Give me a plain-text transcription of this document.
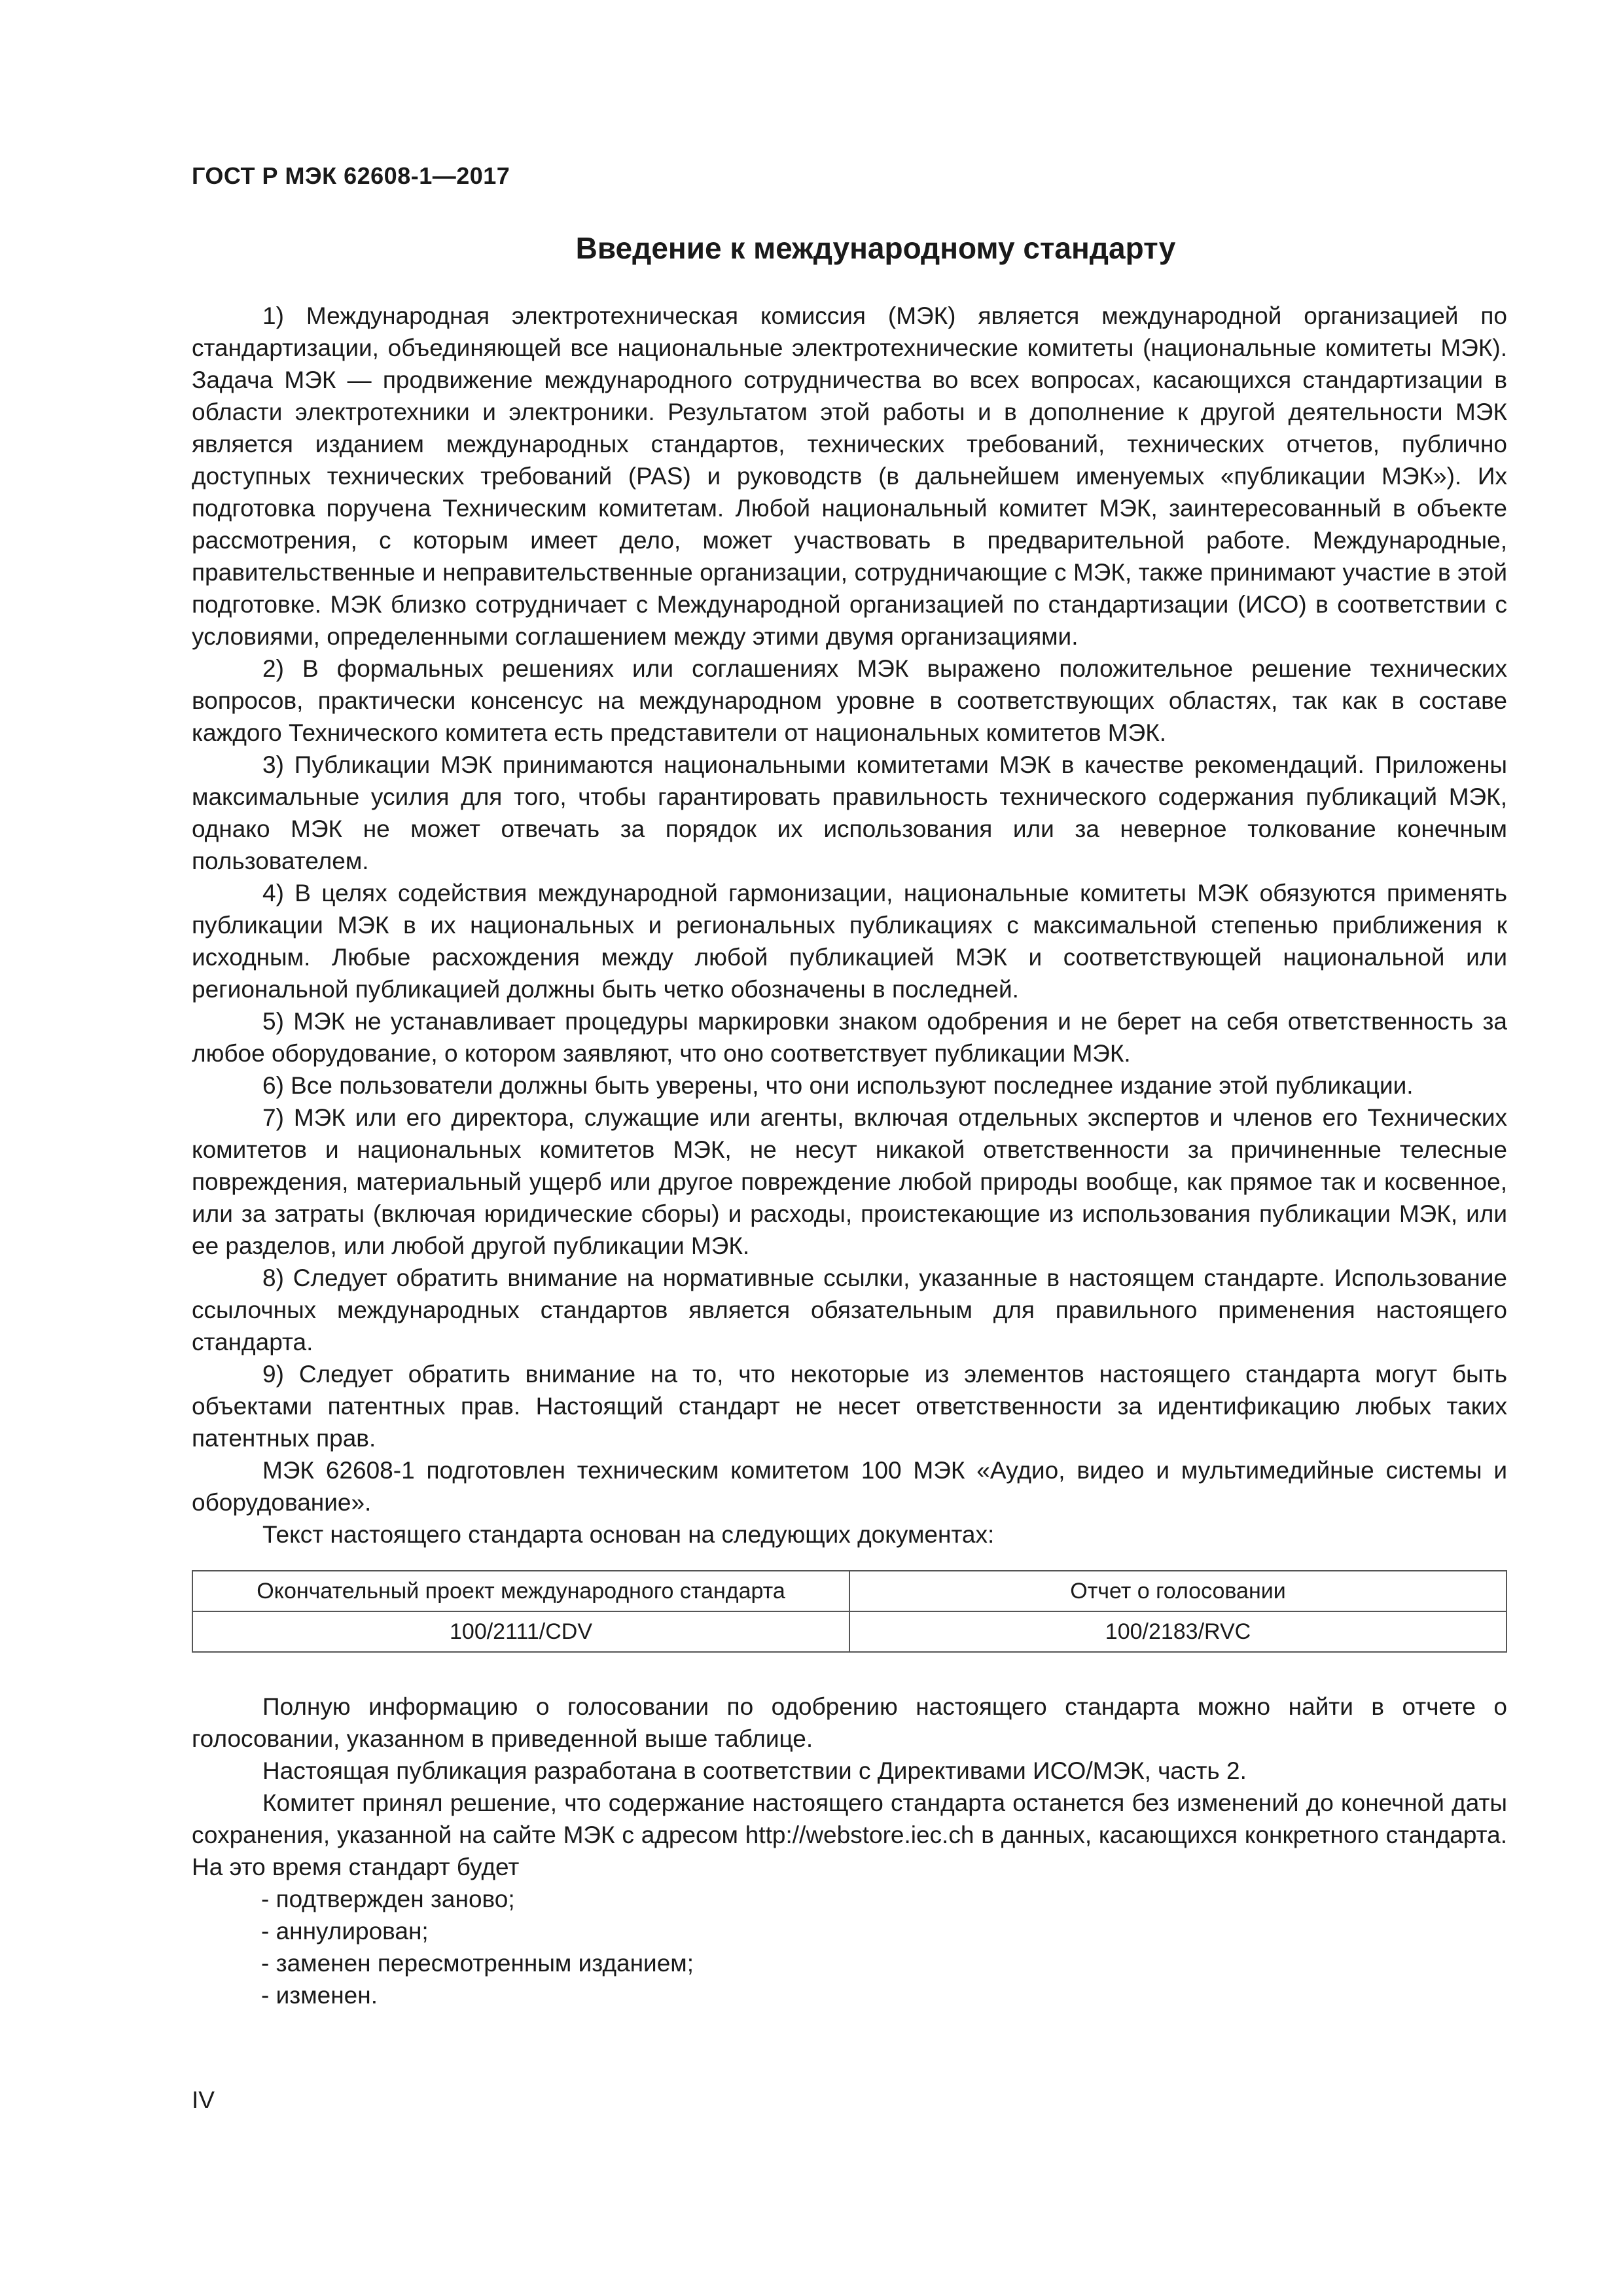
ГОСТ Р МЭК 62608-1—2017
Введение к международному стандарту

1) Международная электротехническая комиссия (МЭК) является международной организацией по стандартизации, объединяющей все национальные электротехнические комитеты (национальные комитеты МЭК). Задача МЭК — продвижение международного сотрудничества во всех вопросах, касающихся стандартизации в области электротехники и электроники. Результатом этой работы и в дополнение к другой деятельности МЭК является изданием международных стандартов, технических требований, технических отчетов, публично доступных технических требований (PAS) и руководств (в дальнейшем именуемых «публикации МЭК»). Их подготовка поручена Техническим комитетам. Любой национальный комитет МЭК, заинтересованный в объекте рассмотрения, с которым имеет дело, может участвовать в предварительной работе. Международные, правительственные и неправительственные организации, сотрудничающие с МЭК, также принимают участие в этой подготовке. МЭК близко сотрудничает с Международной организацией по стандартизации (ИСО) в соответствии с условиями, определенными соглашением между этими двумя организациями.

2) В формальных решениях или соглашениях МЭК выражено положительное решение технических вопросов, практически консенсус на международном уровне в соответствующих областях, так как в составе каждого Технического комитета есть представители от национальных комитетов МЭК.

3) Публикации МЭК принимаются национальными комитетами МЭК в качестве рекомендаций. Приложены максимальные усилия для того, чтобы гарантировать правильность технического содержания публикаций МЭК, однако МЭК не может отвечать за порядок их использования или за неверное толкование конечным пользователем.

4) В целях содействия международной гармонизации, национальные комитеты МЭК обязуются применять публикации МЭК в их национальных и региональных публикациях с максимальной степенью приближения к исходным. Любые расхождения между любой публикацией МЭК и соответствующей национальной или региональной публикацией должны быть четко обозначены в последней.

5) МЭК не устанавливает процедуры маркировки знаком одобрения и не берет на себя ответственность за любое оборудование, о котором заявляют, что оно соответствует публикации МЭК.

6) Все пользователи должны быть уверены, что они используют последнее издание этой публикации.

7) МЭК или его директора, служащие или агенты, включая отдельных экспертов и членов его Технических комитетов и национальных комитетов МЭК, не несут никакой ответственности за причиненные телесные повреждения, материальный ущерб или другое повреждение любой природы вообще, как прямое так и косвенное, или за затраты (включая юридические сборы) и расходы, проистекающие из использования публикации МЭК, или ее разделов, или любой другой публикации МЭК.

8) Следует обратить внимание на нормативные ссылки, указанные в настоящем стандарте. Использование ссылочных международных стандартов является обязательным для правильного применения настоящего стандарта.

9) Следует обратить внимание на то, что некоторые из элементов настоящего стандарта могут быть объектами патентных прав. Настоящий стандарт не несет ответственности за идентификацию любых таких патентных прав.

МЭК 62608-1 подготовлен техническим комитетом 100 МЭК «Аудио, видео и мультимедийные системы и оборудование».

Текст настоящего стандарта основан на следующих документах:

Окончательный проект международного стандарта	Отчет о голосовании
100/2111/CDV	100/2183/RVC

Полную информацию о голосовании по одобрению настоящего стандарта можно найти в отчете о голосовании, указанном в приведенной выше таблице.

Настоящая публикация разработана в соответствии с Директивами ИСО/МЭК, часть 2.

Комитет принял решение, что содержание настоящего стандарта останется без изменений до конечной даты сохранения, указанной на сайте МЭК с адресом http://webstore.iec.ch в данных, касающихся конкретного стандарта. На это время стандарт будет

- подтвержден заново;
- аннулирован;
- заменен пересмотренным изданием;
- изменен.
IV
